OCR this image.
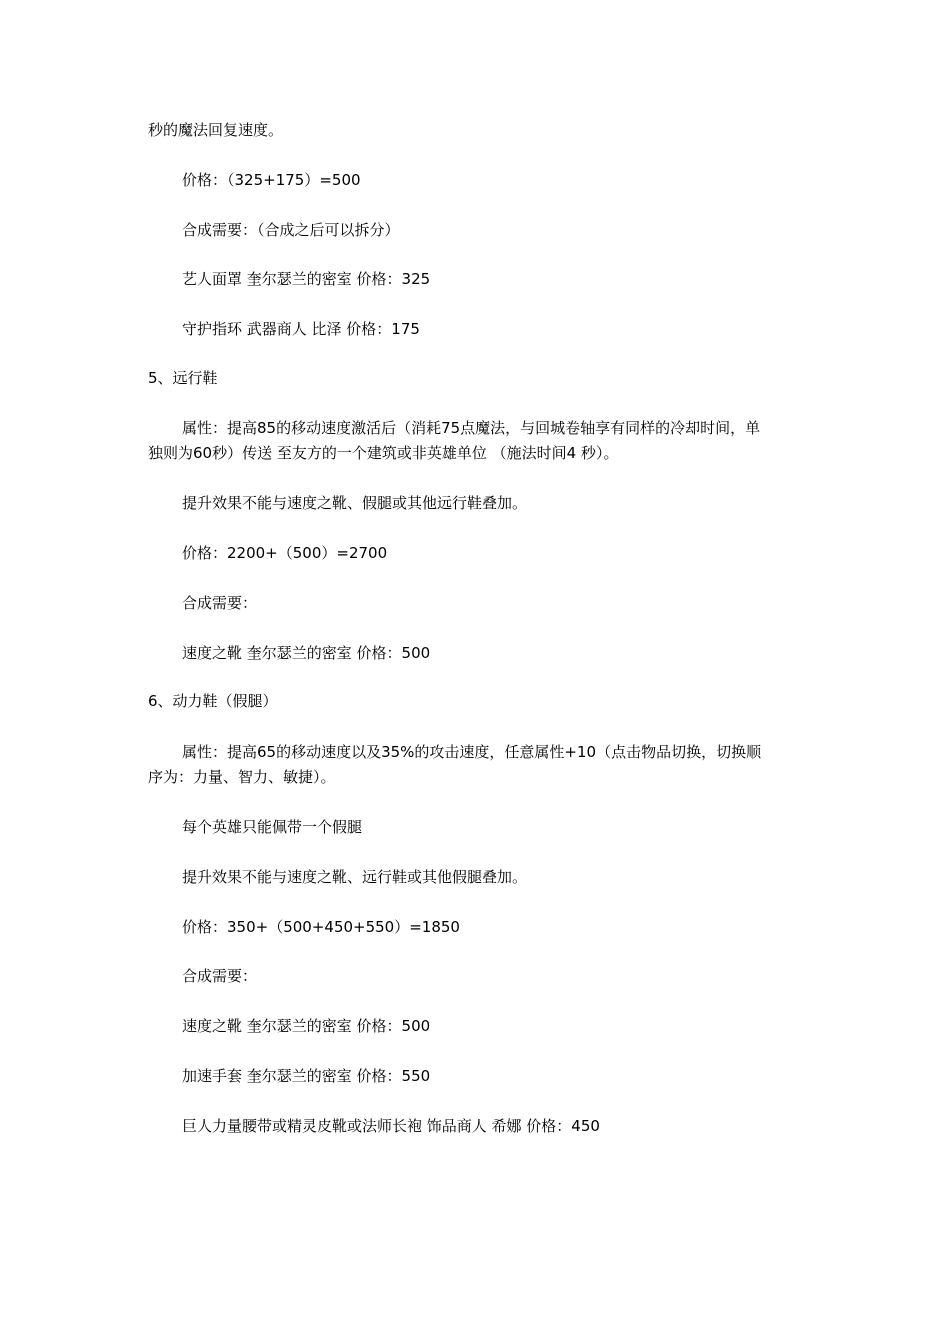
秒的魔法回复速度。
价格：（325+175）=500
合成需要：（合成之后可以拆分）
艺人面罩 奎尔瑟兰的密室 价格：325
守护指环 武器商人 比泽 价格：175
5、远行鞋
属性：提高85的移动速度激活后（消耗75点魔法，与回城卷轴享有同样的冷却时间，单
独则为60秒）传送 至友方的一个建筑或非英雄单位 （施法时间4 秒）。
提升效果不能与速度之靴、假腿或其他远行鞋叠加。
价格：2200+（500）=2700
合成需要：
速度之靴 奎尔瑟兰的密室 价格：500
6、动力鞋（假腿）
属性：提高65的移动速度以及35%的攻击速度，任意属性+10（点击物品切换，切换顺
序为：力量、智力、敏捷）。
每个英雄只能佩带一个假腿
提升效果不能与速度之靴、远行鞋或其他假腿叠加。
价格：350+（500+450+550）=1850
合成需要：
速度之靴 奎尔瑟兰的密室 价格：500
加速手套 奎尔瑟兰的密室 价格：550
巨人力量腰带或精灵皮靴或法师长袍 饰品商人 希娜 价格：450
